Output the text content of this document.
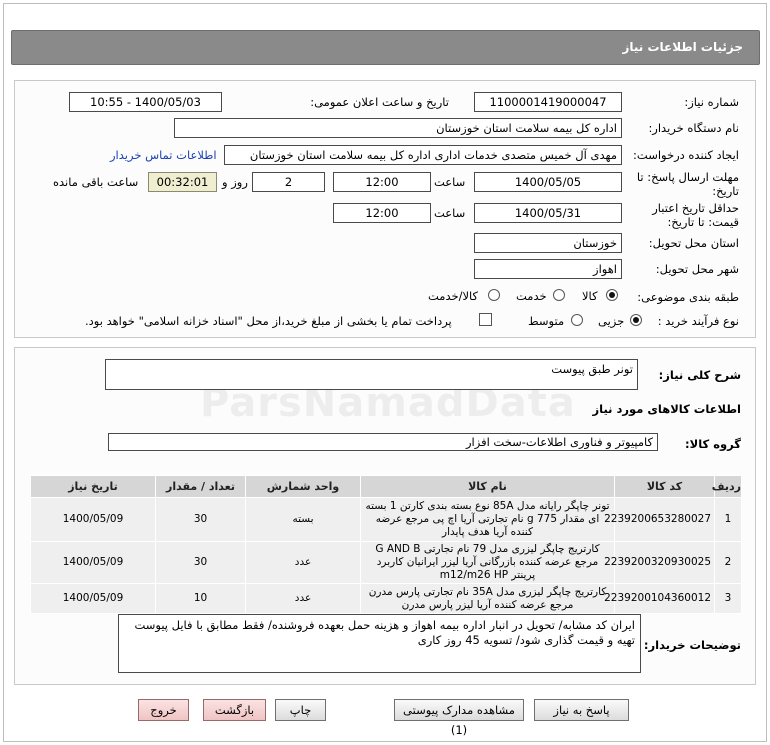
جزئیات اطلاعات نیاز
شماره نیاز:
1100001419000047
تاریخ و ساعت اعلان عمومی:
1400/05/03 - 10:55
نام دستگاه خریدار:
اداره کل بیمه سلامت استان خوزستان
ایجاد کننده درخواست:
مهدی آل خمیس متصدی خدمات اداری اداره کل بیمه سلامت استان خوزستان
اطلاعات تماس خریدار
مهلت ارسال پاسخ: تا
تاریخ:
1400/05/05
ساعت
12:00
2
روز و
00:32:01
ساعت باقی مانده
حداقل تاریخ اعتبار
قیمت: تا تاریخ:
1400/05/31
ساعت
12:00
استان محل تحویل:
خوزستان
شهر محل تحویل:
اهواز
طبقه بندی موضوعی:
کالا
خدمت
کالا/خدمت
نوع فرآیند خرید :
جزیی
متوسط
پرداخت تمام یا بخشی از مبلغ خرید،از محل "اسناد خزانه اسلامی" خواهد بود.
شرح کلی نیاز:
تونر طبق پیوست
اطلاعات کالاهای مورد نیاز
گروه کالا:
کامپیوتر و فناوری اطلاعات-سخت افزار
ردیف	کد کالا	نام کالا	واحد شمارش	تعداد / مقدار	تاریخ نیاز
1	2239200653280027	تونر چاپگر رایانه مدل 85A نوع بسته بندی کارتن 1 بسته ای مقدار 775 g نام تجارتی آریا اچ پی مرجع عرضه کننده آریا هدف پایدار	بسته	30	1400/05/09
2	2239200320930025	کارتریج چاپگر لیزری مدل 79 نام تجارتی G AND B مرجع عرضه کننده بازرگانی آریا لیزر ایرانیان کاربرد پرینتر m12/m26 HP	عدد	30	1400/05/09
3	2239200104360012	کارتریج چاپگر لیزری مدل 35A نام تجارتی پارس مدرن مرجع عرضه کننده آریا لیزر پارس مدرن	عدد	10	1400/05/09
توضیحات خریدار:
ایران کد مشابه/ تحویل در انبار اداره بیمه اهواز و هزینه حمل بعهده فروشنده/ فقط مطابق با فایل پیوست تهیه و قیمت گذاری شود/ تسویه 45 روز کاری
پاسخ به نیاز
مشاهده مدارک پیوستی (1)
چاپ
بازگشت
خروج
